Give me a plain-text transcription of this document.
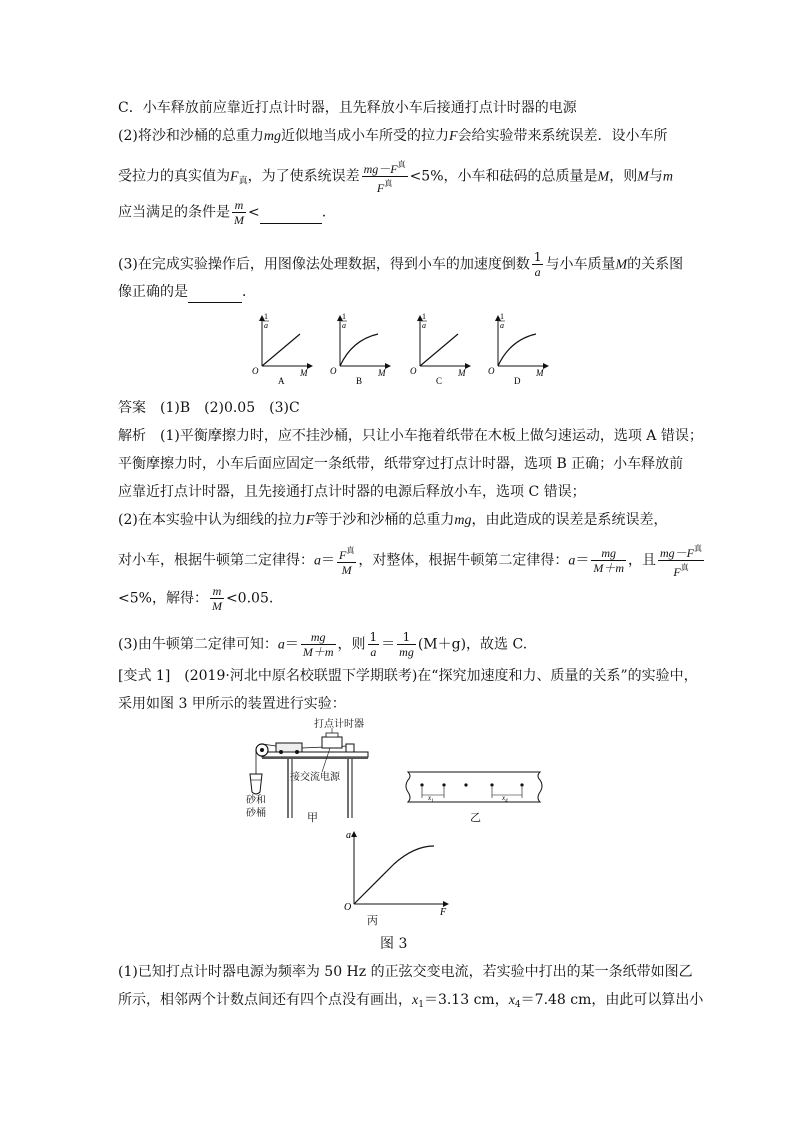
C．小车释放前应靠近打点计时器，且先释放小车后接通打点计时器的电源
(2)将沙和沙桶的总重力mg近似地当成小车所受的拉力F会给实验带来系统误差．设小车所
受拉力的真实值为$F_真$，为了使系统误差 $\frac{mg-F^真}{F^真} <5\%$，小车和砝码的总质量是M，则M与m
应当满足的条件是 $\frac{m}{M}$ <	.
(3)在完成实验操作后，用图像法处理数据，得到小车的加速度倒数 $\frac{1}{a}$ 与小车质量M的关系图
像正确的是	．
1
a
O	M
A
1
a
O	M
B
1
a
O	M
C
1
a
O	M
D
答案　(1)B　(2)0.05　(3)C
解析　(1)平衡摩擦力时，应不挂沙桶，只让小车拖着纸带在木板上做匀速运动，选项 A 错误；
平衡摩擦力时，小车后面应固定一条纸带，纸带穿过打点计时器，选项 B 正确；小车释放前
应靠近打点计时器，且先接通打点计时器的电源后释放小车，选项 C 错误；
(2)在本实验中认为细线的拉力F等于沙和沙桶的总重力mg，由此造成的误差是系统误差，
对小车，根据牛顿第二定律得：$a= \frac{F^真}{M}$ ，对整体，根据牛顿第二定律得：$a= \frac{mg}{M+m}$ ，且 $\frac{mg-F^真}{F^真}$
<5%，解得： $\frac{m}{M} <0.05$.
(3)由牛顿第二定律可知：$a= \frac{mg}{M+m}$ ，则 $\frac{1}{a} = \frac{1}{mg} (M+g)$，故选 C.
[变式 1]　(2019·河北中原名校联盟下学期联考)在“探究加速度和力、质量的关系”的实验中，
采用如图 3 甲所示的装置进行实验：
打点计时器
接交流电源
砂和
砂桶	甲
$x_1$	$x_4$
乙
a
O	F
丙
图 3
(1)已知打点计时器电源为频率为 50 Hz 的正弦交变电流，若实验中打出的某一条纸带如图乙
所示，相邻两个计数点间还有四个点没有画出，$x_1=3.13$ cm，$x_4=7.48$ cm，由此可以算出小
